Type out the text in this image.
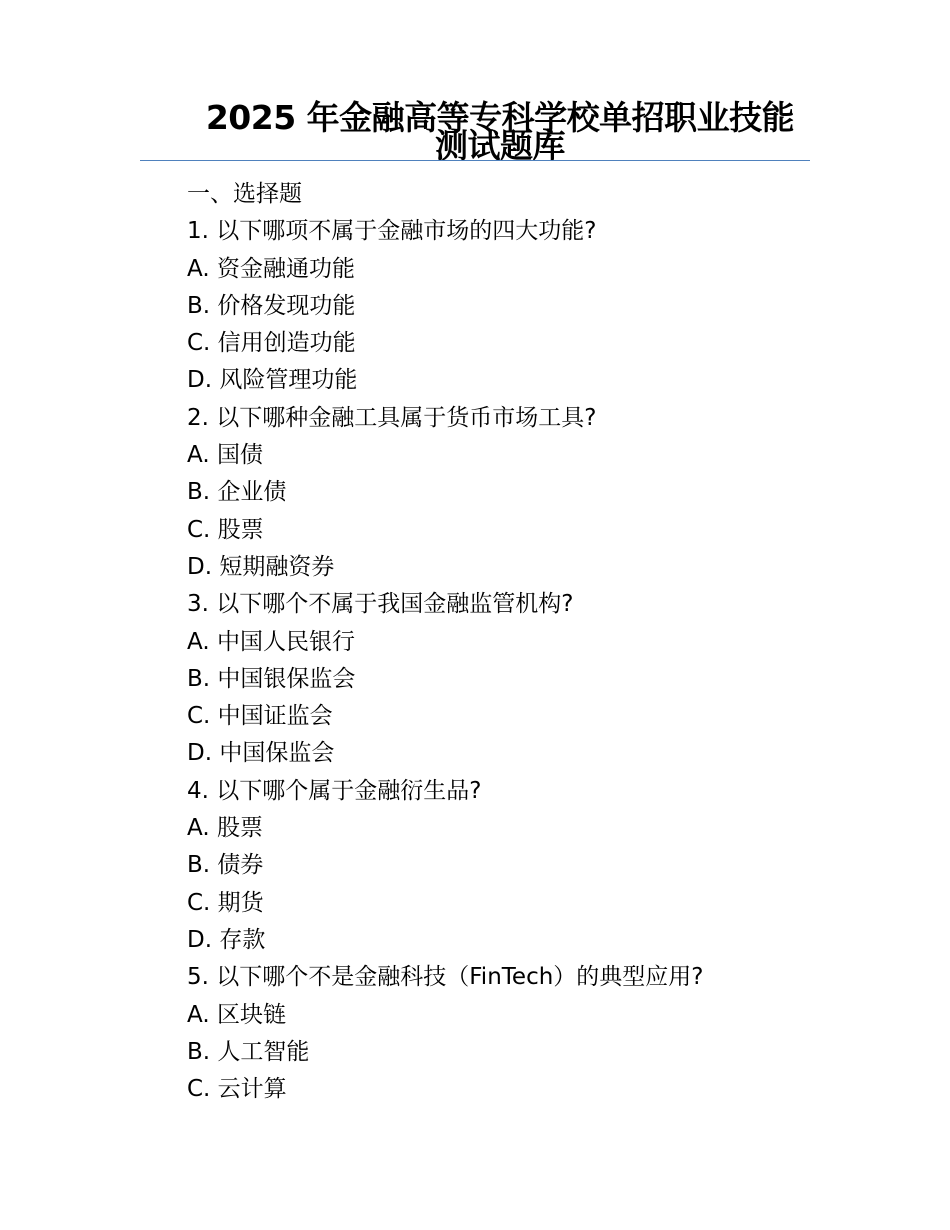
2025 年金融高等专科学校单招职业技能测试题库

一、选择题

1. 以下哪项不属于金融市场的四大功能?

A. 资金融通功能

B. 价格发现功能

C. 信用创造功能

D. 风险管理功能

2. 以下哪种金融工具属于货币市场工具?

A. 国债

B. 企业债

C. 股票

D. 短期融资券

3. 以下哪个不属于我国金融监管机构?

A. 中国人民银行

B. 中国银保监会

C. 中国证监会

D. 中国保监会

4. 以下哪个属于金融衍生品?

A. 股票

B. 债券

C. 期货

D. 存款

5. 以下哪个不是金融科技（FinTech）的典型应用?

A. 区块链

B. 人工智能

C. 云计算
